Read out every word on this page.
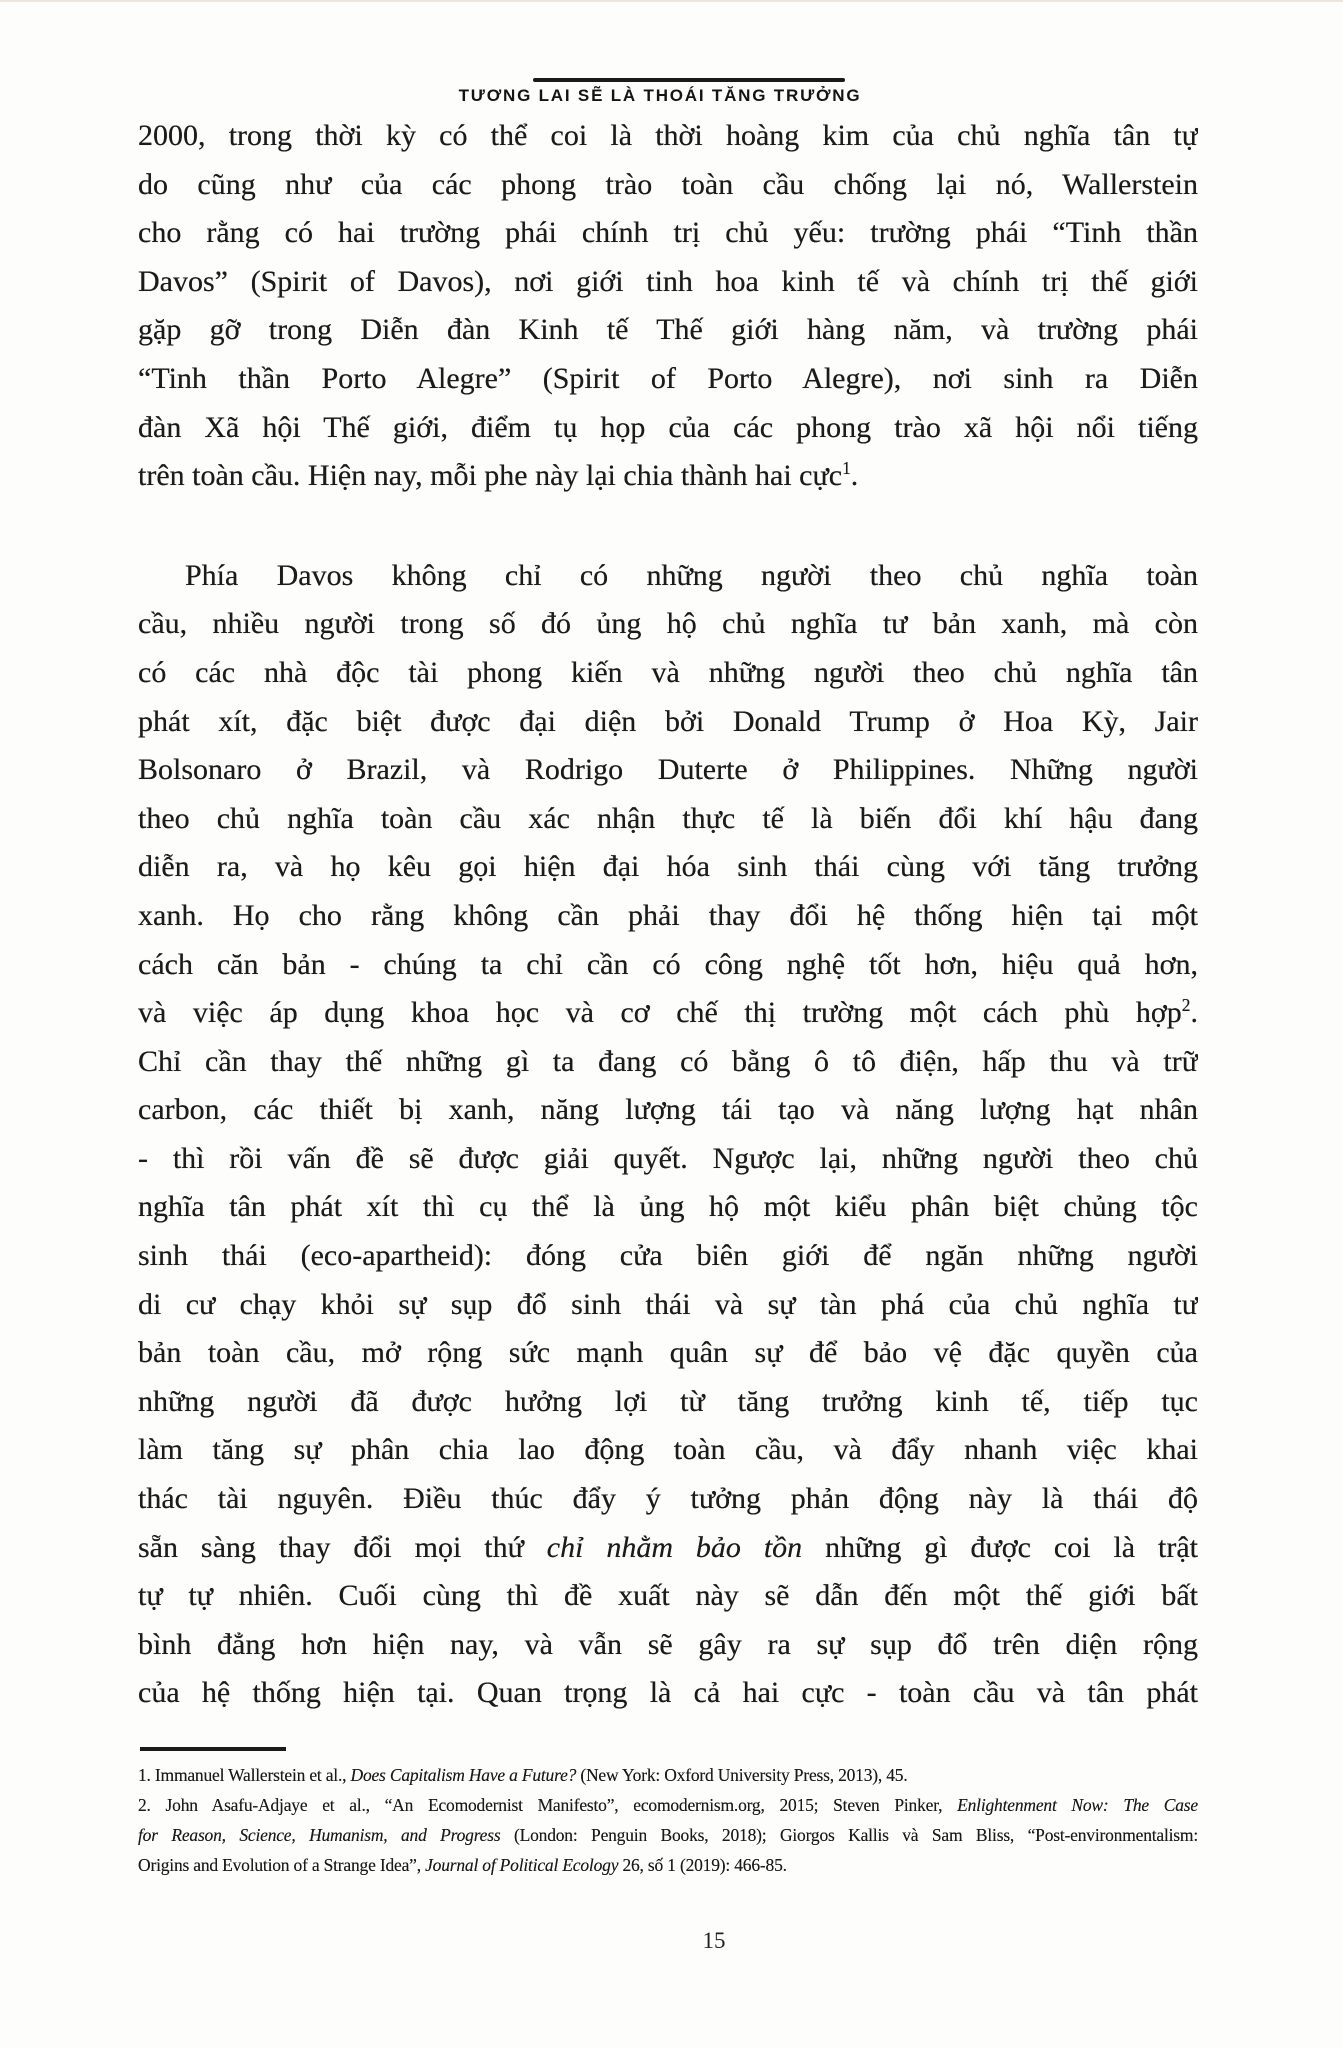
TƯƠNG LAI SẼ LÀ THOÁI TĂNG TRƯỞNG
2000, trong thời kỳ có thể coi là thời hoàng kim của chủ nghĩa tân tự
do cũng như của các phong trào toàn cầu chống lại nó, Wallerstein
cho rằng có hai trường phái chính trị chủ yếu: trường phái “Tinh thần
Davos” (Spirit of Davos), nơi giới tinh hoa kinh tế và chính trị thế giới
gặp gỡ trong Diễn đàn Kinh tế Thế giới hàng năm, và trường phái
“Tinh thần Porto Alegre” (Spirit of Porto Alegre), nơi sinh ra Diễn
đàn Xã hội Thế giới, điểm tụ họp của các phong trào xã hội nổi tiếng
trên toàn cầu. Hiện nay, mỗi phe này lại chia thành hai cực$^1$.
Phía Davos không chỉ có những người theo chủ nghĩa toàn
cầu, nhiều người trong số đó ủng hộ chủ nghĩa tư bản xanh, mà còn
có các nhà độc tài phong kiến và những người theo chủ nghĩa tân
phát xít, đặc biệt được đại diện bởi Donald Trump ở Hoa Kỳ, Jair
Bolsonaro ở Brazil, và Rodrigo Duterte ở Philippines. Những người
theo chủ nghĩa toàn cầu xác nhận thực tế là biến đổi khí hậu đang
diễn ra, và họ kêu gọi hiện đại hóa sinh thái cùng với tăng trưởng
xanh. Họ cho rằng không cần phải thay đổi hệ thống hiện tại một
cách căn bản - chúng ta chỉ cần có công nghệ tốt hơn, hiệu quả hơn,
và việc áp dụng khoa học và cơ chế thị trường một cách phù hợp$^2$.
Chỉ cần thay thế những gì ta đang có bằng ô tô điện, hấp thu và trữ
carbon, các thiết bị xanh, năng lượng tái tạo và năng lượng hạt nhân
- thì rồi vấn đề sẽ được giải quyết. Ngược lại, những người theo chủ
nghĩa tân phát xít thì cụ thể là ủng hộ một kiểu phân biệt chủng tộc
sinh thái (eco-apartheid): đóng cửa biên giới để ngăn những người
di cư chạy khỏi sự sụp đổ sinh thái và sự tàn phá của chủ nghĩa tư
bản toàn cầu, mở rộng sức mạnh quân sự để bảo vệ đặc quyền của
những người đã được hưởng lợi từ tăng trưởng kinh tế, tiếp tục
làm tăng sự phân chia lao động toàn cầu, và đẩy nhanh việc khai
thác tài nguyên. Điều thúc đẩy ý tưởng phản động này là thái độ
sẵn sàng thay đổi mọi thứ chỉ nhằm bảo tồn những gì được coi là trật
tự tự nhiên. Cuối cùng thì đề xuất này sẽ dẫn đến một thế giới bất
bình đẳng hơn hiện nay, và vẫn sẽ gây ra sự sụp đổ trên diện rộng
của hệ thống hiện tại. Quan trọng là cả hai cực - toàn cầu và tân phát
1. Immanuel Wallerstein et al., Does Capitalism Have a Future? (New York: Oxford University Press, 2013), 45.
2. John Asafu-Adjaye et al., “An Ecomodernist Manifesto”, ecomodernism.org, 2015; Steven Pinker, Enlightenment Now: The Case
for Reason, Science, Humanism, and Progress (London: Penguin Books, 2018); Giorgos Kallis và Sam Bliss, “Post-environmentalism:
Origins and Evolution of a Strange Idea”, Journal of Political Ecology 26, số 1 (2019): 466-85.
15
